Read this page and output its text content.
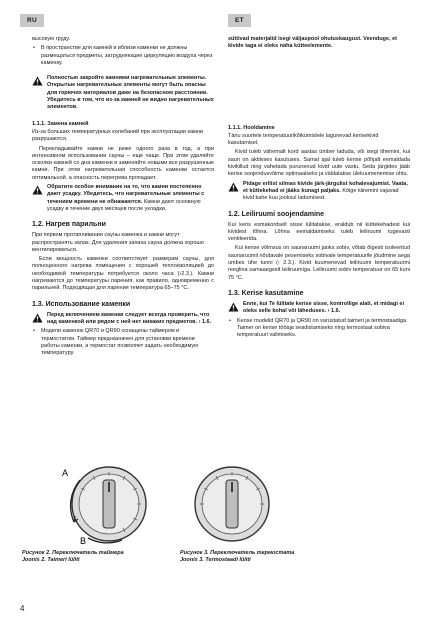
RU	ET

высокую груду.

• В пространстве для камней и вблизи каменки не должны размещаться предметы, затрудняющие циркуляцию воздуха через каменку.
Полностью закройте камнями нагревательные элементы. Открытые нагревательные элементы могут быть опасны для горючих материалов даже на безопасном расстоянии. Убедитесь в том, что из-за камней не видно нагревательных элементов.
1.1.1. Замена камней

Из-за больших температурных колебаний при эксплуатации камни разрушаются.

Перекладывайте камни не реже одного раза в год, а при интенсивном использовании сауны – еще чаще. При этом удаляйте осколки камней со дна каменки и заменяйте новыми все разрушенные камни. При этом нагревательная способность каменки остается оптимальной, а опасность перегрева пропадает.

Обратите особое внимание на то, что камни постепенно дают усадку. Убедитесь, что нагревательные элементы с течением времени не обнажаются. Камни дают основную усадку в течение двух месяцев после укладки.
1.2. Нагрев парильни

При первом протапливании сауны каменка и камни могут распространять запах. Для удаления запаха сауна должна хорошо вентилироваться.

Если мощность каменки соответствует размерам сауны, для полноценного нагрева помещения с хорошей теплоизоляцией до необходимой температуры потребуется около часа (›2.3.). Камни нагреваются до температуры парения, как правило, одновременно с парильней. Подходящая для парения температура 65–75 °C.

1.3. Использование каменки
Перед включением каменки следует всегда проверить, что над каменкой или рядом с ней нет никаких предметов. › 1.6.
• Модели каменок QR70 и QR90 оснащены таймером и термостатом. Таймер предназначен для установки времени работы каменки, а термостат позволяет задать необходимую температуру.

süttivad materjalid isegi väljaspool ohutuskaugust. Veenduge, et kivide taga ei oleks näha kütteelemente.

1.1.1. Hooldamine

Tänu suurtele temperatuurikõikumistele lagunevad kerisekivid kasutamisel.

Kivid tuleb vähemalt kord aastas ümber laduda, või isegi tihemini, kui saun on aktiivses kasutuses. Samal ajal tuleb kerise põhjalt eemaldada kivikillud ning vahetada purunenud kivid uute vastu. Seda järgides jääb kerise soojendusvõime optimaalseks ja väldatakse ülekuumenemise ohtu.

Pidage erilist silmas kivide järk-järgulist kohalevajumist. Vaata, et küttekehad ei jääks kunagi paljaks. Kõige kiiremini vajuvad kivid kahe kuu jooksul ladumisest.
1.2. Leiliruumi soojendamine

Kui keris esmakordselt sisse lülitatakse, eraldub nii küttekehadest kui kividest lõhna. Lõhna eemaldamiseks tuleb leiliruumi tugevasti ventileerida.

Kui kerise võimsus on saunaruumi jaoks sobiv, võtab õigesti isoleeritud saunaruumil nõutavale pesemiseks sobivale temperatuurile jõudmine aega umbes ühe tunni (› 2.3.). Kivid kuumenevad leiliruumi temperatuurini reeglina samaaegselt leiliruumiga. Leiliruumi sobiv temperatuur on 65 kuni 75 °C.

1.3. Kerise kasutamine
Enne, kui Te lülitate kerise sisse, kontrollige alati, et midagi ei oleks selle kohal või läheduses. › 1.6.
• Kerise mudelid QR70 ja QR90 on varustatud taimeri ja termostaadiga. Taimer on kerise tööaja seadistamiseks ning termostaat sobiva temperatuuri valimiseks.
A
B
Рисунок 2. Переключатель таймера
Joonis 2. Taimeri lüliti
Рисунок 3. Переключатель термостата
Joonis 3. Termostaadi lüliti
4
